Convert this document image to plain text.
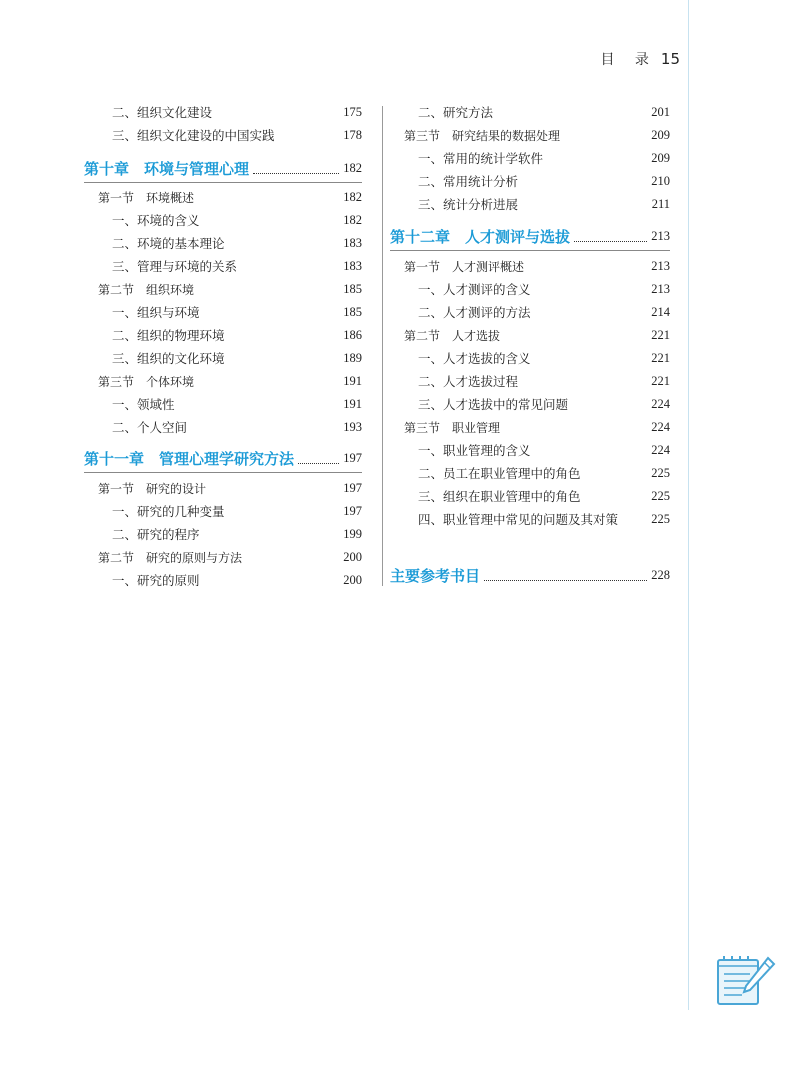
目 录 15
二、组织文化建设	175
三、组织文化建设的中国实践	178
第十章　环境与管理心理	182
第一节　环境概述	182
一、环境的含义	182
二、环境的基本理论	183
三、管理与环境的关系	183
第二节　组织环境	185
一、组织与环境	185
二、组织的物理环境	186
三、组织的文化环境	189
第三节　个体环境	191
一、领域性	191
二、个人空间	193
第十一章　管理心理学研究方法	197
第一节　研究的设计	197
一、研究的几种变量	197
二、研究的程序	199
第二节　研究的原则与方法	200
一、研究的原则	200
二、研究方法	201
第三节　研究结果的数据处理	209
一、常用的统计学软件	209
二、常用统计分析	210
三、统计分析进展	211
第十二章　人才测评与选拔	213
第一节　人才测评概述	213
一、人才测评的含义	213
二、人才测评的方法	214
第二节　人才选拔	221
一、人才选拔的含义	221
二、人才选拔过程	221
三、人才选拔中的常见问题	224
第三节　职业管理	224
一、职业管理的含义	224
二、员工在职业管理中的角色	225
三、组织在职业管理中的角色	225
四、职业管理中常见的问题及其对策	225
主要参考书目	228
